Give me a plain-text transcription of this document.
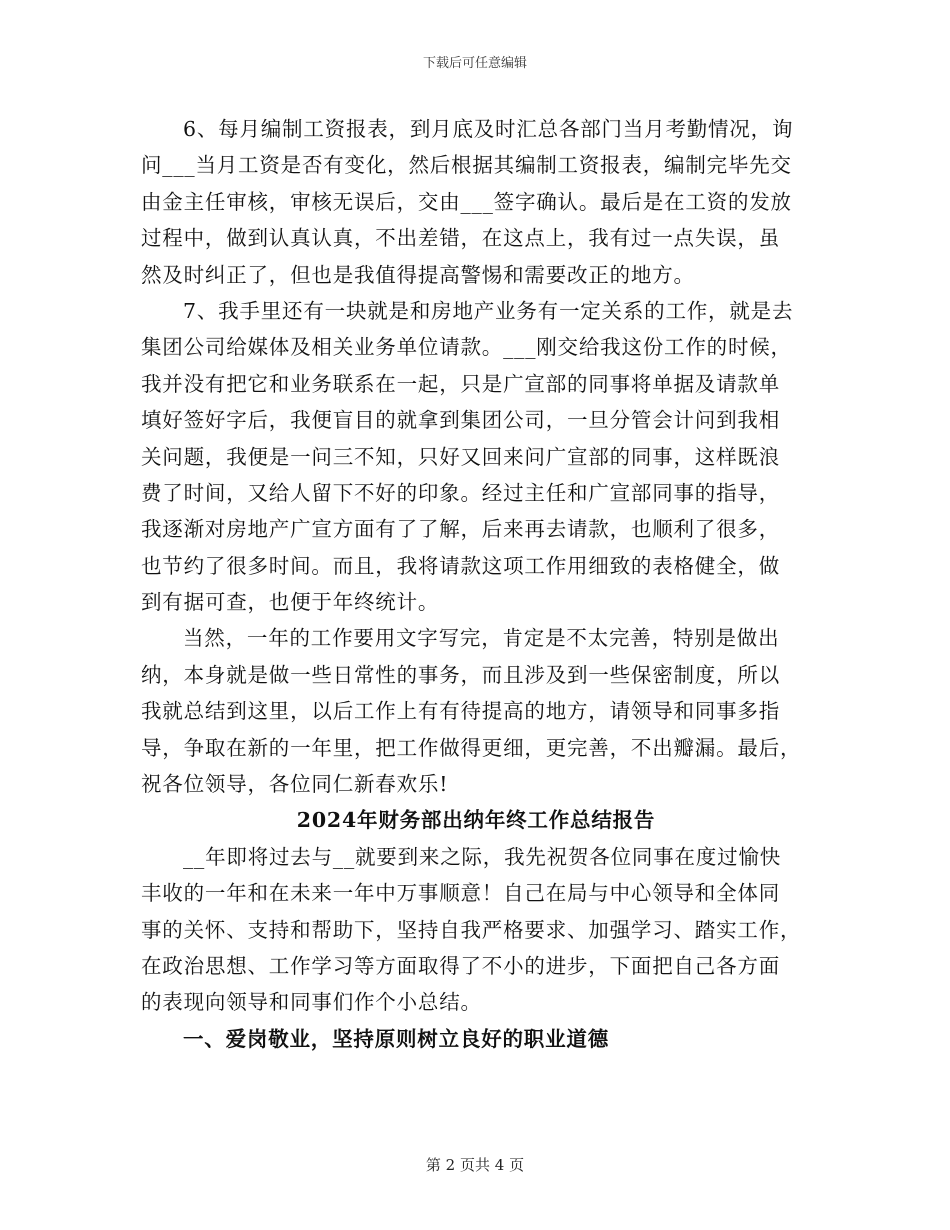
下载后可任意编辑
6、每月编制工资报表，到月底及时汇总各部门当月考勤情况，询
问___当月工资是否有变化，然后根据其编制工资报表，编制完毕先交
由金主任审核，审核无误后，交由___签字确认。最后是在工资的发放
过程中，做到认真认真，不出差错，在这点上，我有过一点失误，虽
然及时纠正了，但也是我值得提高警惕和需要改正的地方。
7、我手里还有一块就是和房地产业务有一定关系的工作，就是去
集团公司给媒体及相关业务单位请款。___刚交给我这份工作的时候，
我并没有把它和业务联系在一起，只是广宣部的同事将单据及请款单
填好签好字后，我便盲目的就拿到集团公司，一旦分管会计问到我相
关问题，我便是一问三不知，只好又回来问广宣部的同事，这样既浪
费了时间，又给人留下不好的印象。经过主任和广宣部同事的指导，
我逐渐对房地产广宣方面有了了解，后来再去请款，也顺利了很多，
也节约了很多时间。而且，我将请款这项工作用细致的表格健全，做
到有据可查，也便于年终统计。
当然，一年的工作要用文字写完，肯定是不太完善，特别是做出
纳，本身就是做一些日常性的事务，而且涉及到一些保密制度，所以
我就总结到这里，以后工作上有有待提高的地方，请领导和同事多指
导，争取在新的一年里，把工作做得更细，更完善，不出瓣漏。最后，
祝各位领导，各位同仁新春欢乐!
2024年财务部出纳年终工作总结报告
__年即将过去与__就要到来之际，我先祝贺各位同事在度过愉快
丰收的一年和在未来一年中万事顺意！自己在局与中心领导和全体同
事的关怀、支持和帮助下，坚持自我严格要求、加强学习、踏实工作，
在政治思想、工作学习等方面取得了不小的进步，下面把自己各方面
的表现向领导和同事们作个小总结。
一、爱岗敬业，坚持原则树立良好的职业道德
第 2 页共 4 页
